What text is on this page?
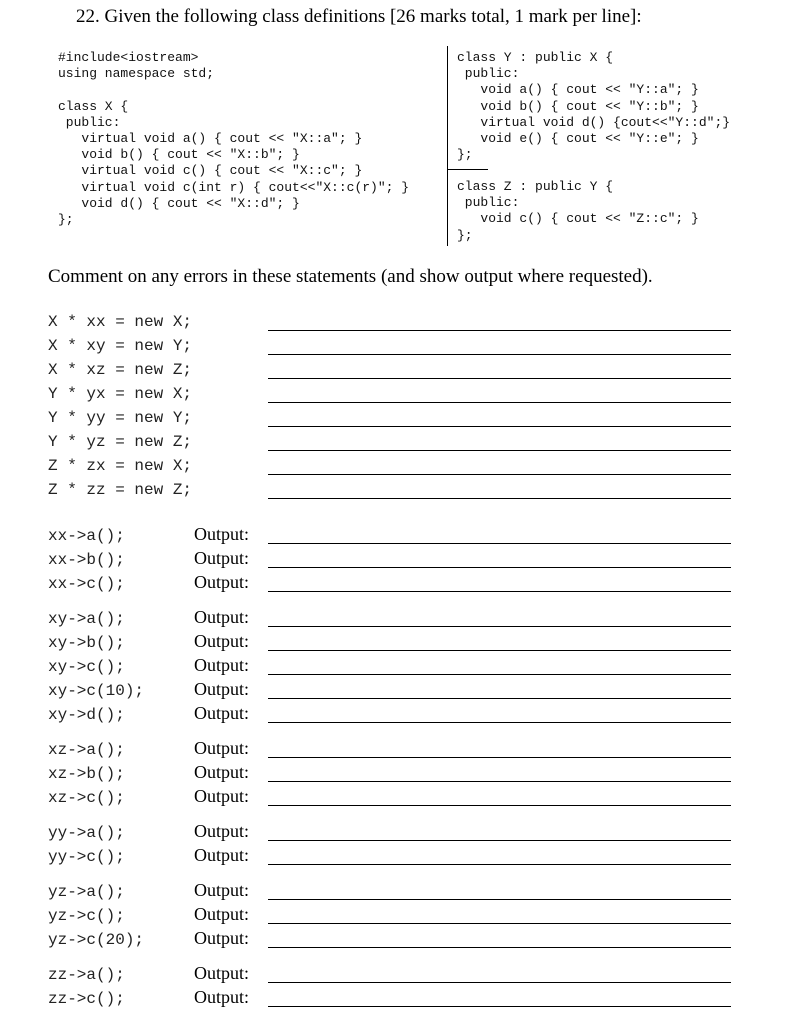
22. Given the following class definitions [26 marks total, 1 mark per line]:
#include<iostream>
using namespace std;

class X {
public:
virtual void a() { cout << "X::a"; }
void b() { cout << "X::b"; }
virtual void c() { cout << "X::c"; }
virtual void c(int r) { cout<<"X::c(r)"; }
void d() { cout << "X::d"; }
};
class Y : public X {
public:
void a() { cout << "Y::a"; }
void b() { cout << "Y::b"; }
virtual void d() {cout<<"Y::d";}
void e() { cout << "Y::e"; }
};
class Z : public Y {
public:
void c() { cout << "Z::c"; }
};
Comment on any errors in these statements (and show output where requested).
X * xx = new X;
X * xy = new Y;
X * xz = new Z;
Y * yx = new X;
Y * yy = new Y;
Y * yz = new Z;
Z * zx = new X;
Z * zz = new Z;
xx->a();	Output:
xx->b();	Output:
xx->c();	Output:
xy->a();	Output:
xy->b();	Output:
xy->c();	Output:
xy->c(10);	Output:
xy->d();	Output:
xz->a();	Output:
xz->b();	Output:
xz->c();	Output:
yy->a();	Output:
yy->c();	Output:
yz->a();	Output:
yz->c();	Output:
yz->c(20);	Output:
zz->a();	Output:
zz->c();	Output:
